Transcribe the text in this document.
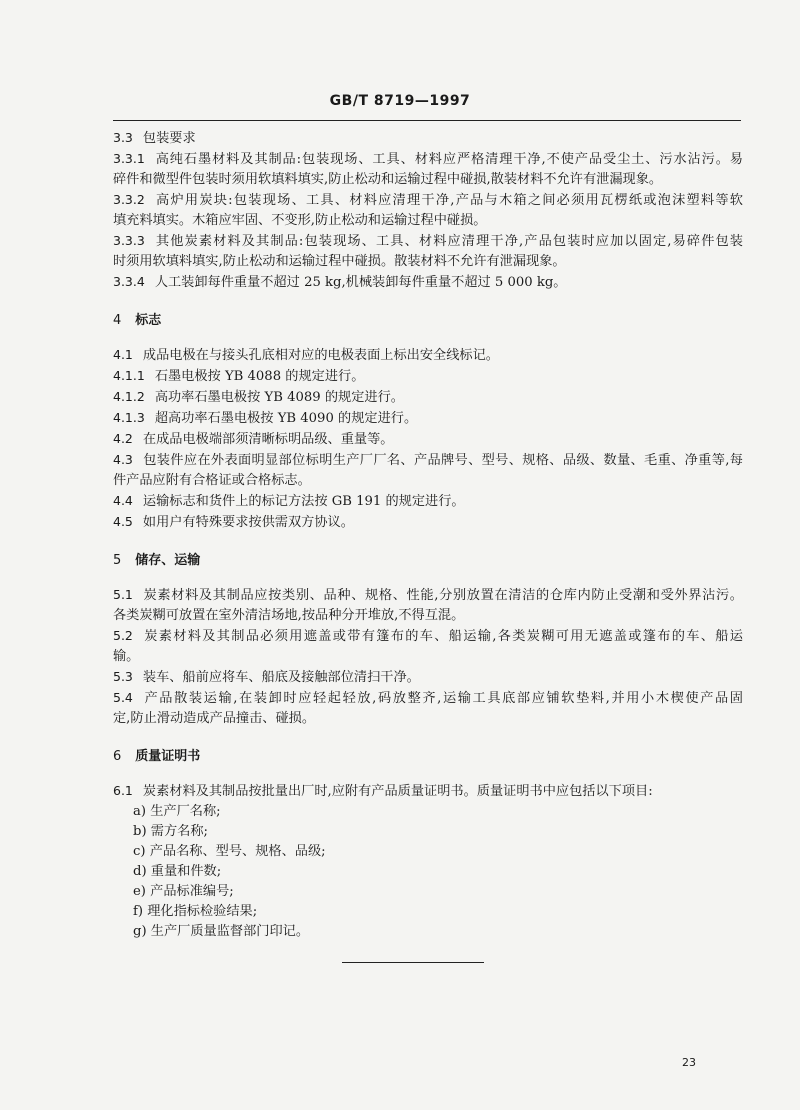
GB/T 8719—1997
3.3 包装要求
3.3.1 高纯石墨材料及其制品:包装现场、工具、材料应严格清理干净,不使产品受尘土、污水沾污。易
碎件和微型件包装时须用软填料填实,防止松动和运输过程中碰损,散装材料不允许有泄漏现象。
3.3.2 高炉用炭块:包装现场、工具、材料应清理干净,产品与木箱之间必须用瓦楞纸或泡沫塑料等软
填充料填实。木箱应牢固、不变形,防止松动和运输过程中碰损。
3.3.3 其他炭素材料及其制品:包装现场、工具、材料应清理干净,产品包装时应加以固定,易碎件包装
时须用软填料填实,防止松动和运输过程中碰损。散装材料不允许有泄漏现象。
3.3.4 人工装卸每件重量不超过 25 kg,机械装卸每件重量不超过 5 000 kg。
4 标志
4.1 成品电极在与接头孔底相对应的电极表面上标出安全线标记。
4.1.1 石墨电极按 YB 4088 的规定进行。
4.1.2 高功率石墨电极按 YB 4089 的规定进行。
4.1.3 超高功率石墨电极按 YB 4090 的规定进行。
4.2 在成品电极端部须清晰标明品级、重量等。
4.3 包装件应在外表面明显部位标明生产厂厂名、产品牌号、型号、规格、品级、数量、毛重、净重等,每
件产品应附有合格证或合格标志。
4.4 运输标志和货件上的标记方法按 GB 191 的规定进行。
4.5 如用户有特殊要求按供需双方协议。
5 储存、运输
5.1 炭素材料及其制品应按类别、品种、规格、性能,分别放置在清洁的仓库内防止受潮和受外界沾污。
各类炭糊可放置在室外清洁场地,按品种分开堆放,不得互混。
5.2 炭素材料及其制品必须用遮盖或带有篷布的车、船运输,各类炭糊可用无遮盖或篷布的车、船运
输。
5.3 装车、船前应将车、船底及接触部位清扫干净。
5.4 产品散装运输,在装卸时应轻起轻放,码放整齐,运输工具底部应铺软垫料,并用小木楔使产品固
定,防止滑动造成产品撞击、碰损。
6 质量证明书
6.1 炭素材料及其制品按批量出厂时,应附有产品质量证明书。质量证明书中应包括以下项目:
a) 生产厂名称;
b) 需方名称;
c) 产品名称、型号、规格、品级;
d) 重量和件数;
e) 产品标准编号;
f) 理化指标检验结果;
g) 生产厂质量监督部门印记。
23
